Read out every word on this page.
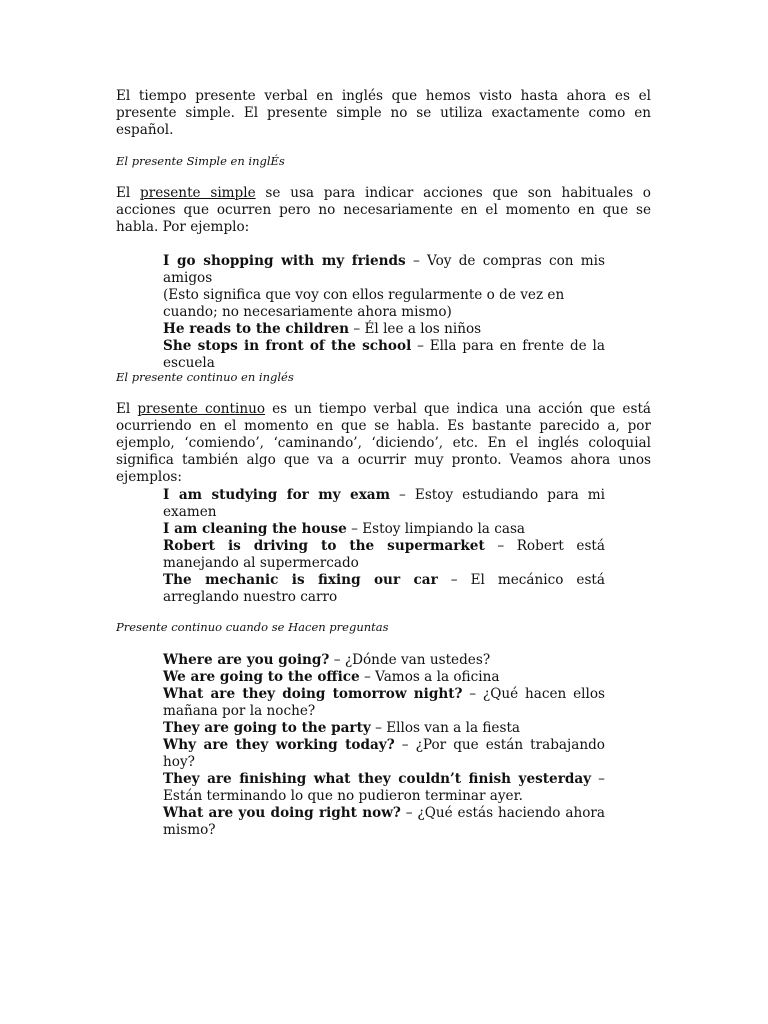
El tiempo presente verbal en inglés que hemos visto hasta ahora es el presente simple. El presente simple no se utiliza exactamente como en español.

El presente Simple en inglÉs

El presente simple se usa para indicar acciones que son habituales o acciones que ocurren pero no necesariamente en el momento en que se habla. Por ejemplo:

I go shopping with my friends – Voy de compras con mis amigos

(Esto significa que voy con ellos regularmente o de vez en cuando; no necesariamente ahora mismo)

He reads to the children – Él lee a los niños

She stops in front of the school – Ella para en frente de la escuela

El presente continuo en inglés

El presente continuo es un tiempo verbal que indica una acción que está ocurriendo en el momento en que se habla. Es bastante parecido a, por ejemplo, ‘comiendo’, ‘caminando’, ‘diciendo’, etc. En el inglés coloquial significa también algo que va a ocurrir muy pronto. Veamos ahora unos ejemplos:

I am studying for my exam – Estoy estudiando para mi examen

I am cleaning the house – Estoy limpiando la casa

Robert is driving to the supermarket – Robert está manejando al supermercado

The mechanic is fixing our car – El mecánico está arreglando nuestro carro

Presente continuo cuando se Hacen preguntas

Where are you going? – ¿Dónde van ustedes?

We are going to the office – Vamos a la oficina

What are they doing tomorrow night? – ¿Qué hacen ellos mañana por la noche?

They are going to the party – Ellos van a la fiesta

Why are they working today? – ¿Por que están trabajando hoy?

They are finishing what they couldn’t finish yesterday – Están terminando lo que no pudieron terminar ayer.

What are you doing right now? – ¿Qué estás haciendo ahora mismo?
